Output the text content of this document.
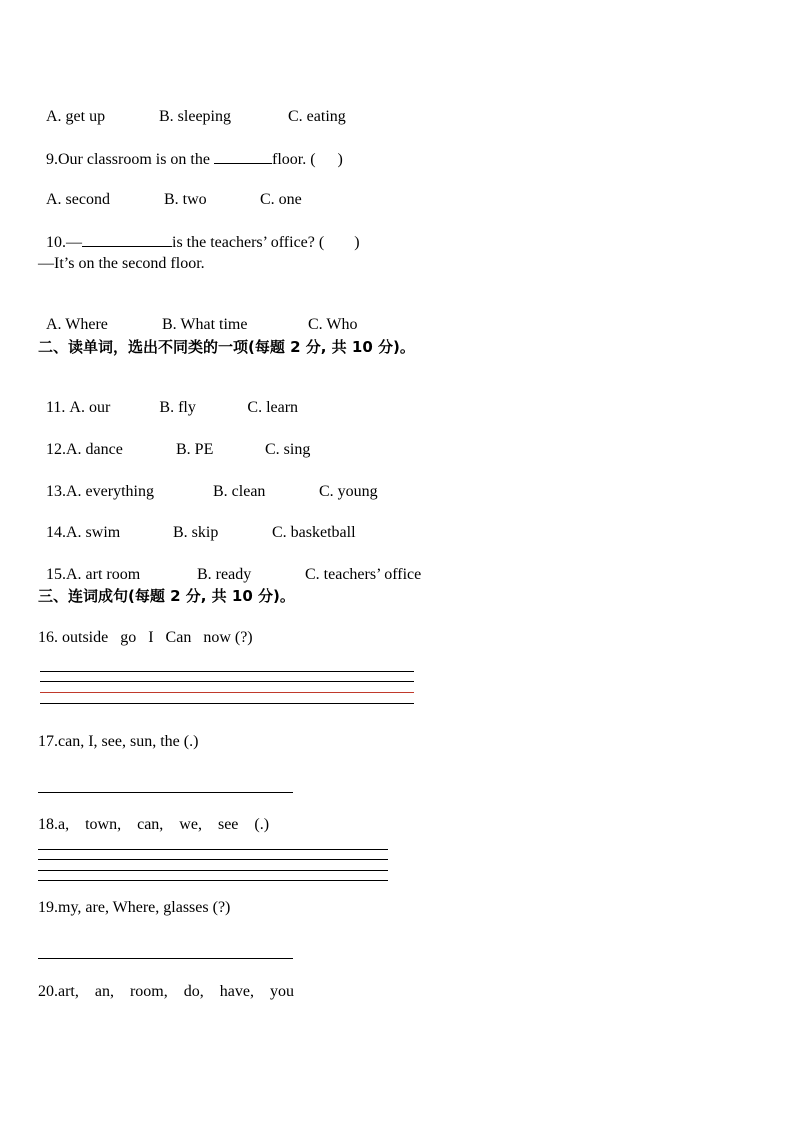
A. get up	B. sleeping	C. eating

9.Our classroom is on the	floor. ( )

A. second	B. two	C. one

10.—	is the teachers’ office? ( )

—It’s on the second floor.

A. Where	B. What time	C. Who

二、读单词，选出不同类的一项(每题 2 分, 共 10 分)。

11. A. our	B. fly	C. learn

12.A. dance	B. PE	C. sing

13.A. everything	B. clean	C. young

14.A. swim	B. skip	C. basketball

15.A. art room	B. ready	C. teachers’ office

三、连词成句(每题 2 分, 共 10 分)。
16. outside   go   I   Can   now (?)
17.can, I, see, sun, the (.)
18.a,    town,    can,    we,    see    (.)
19.my, are, Where, glasses (?)
20.art,    an,    room,    do,    have,    you
